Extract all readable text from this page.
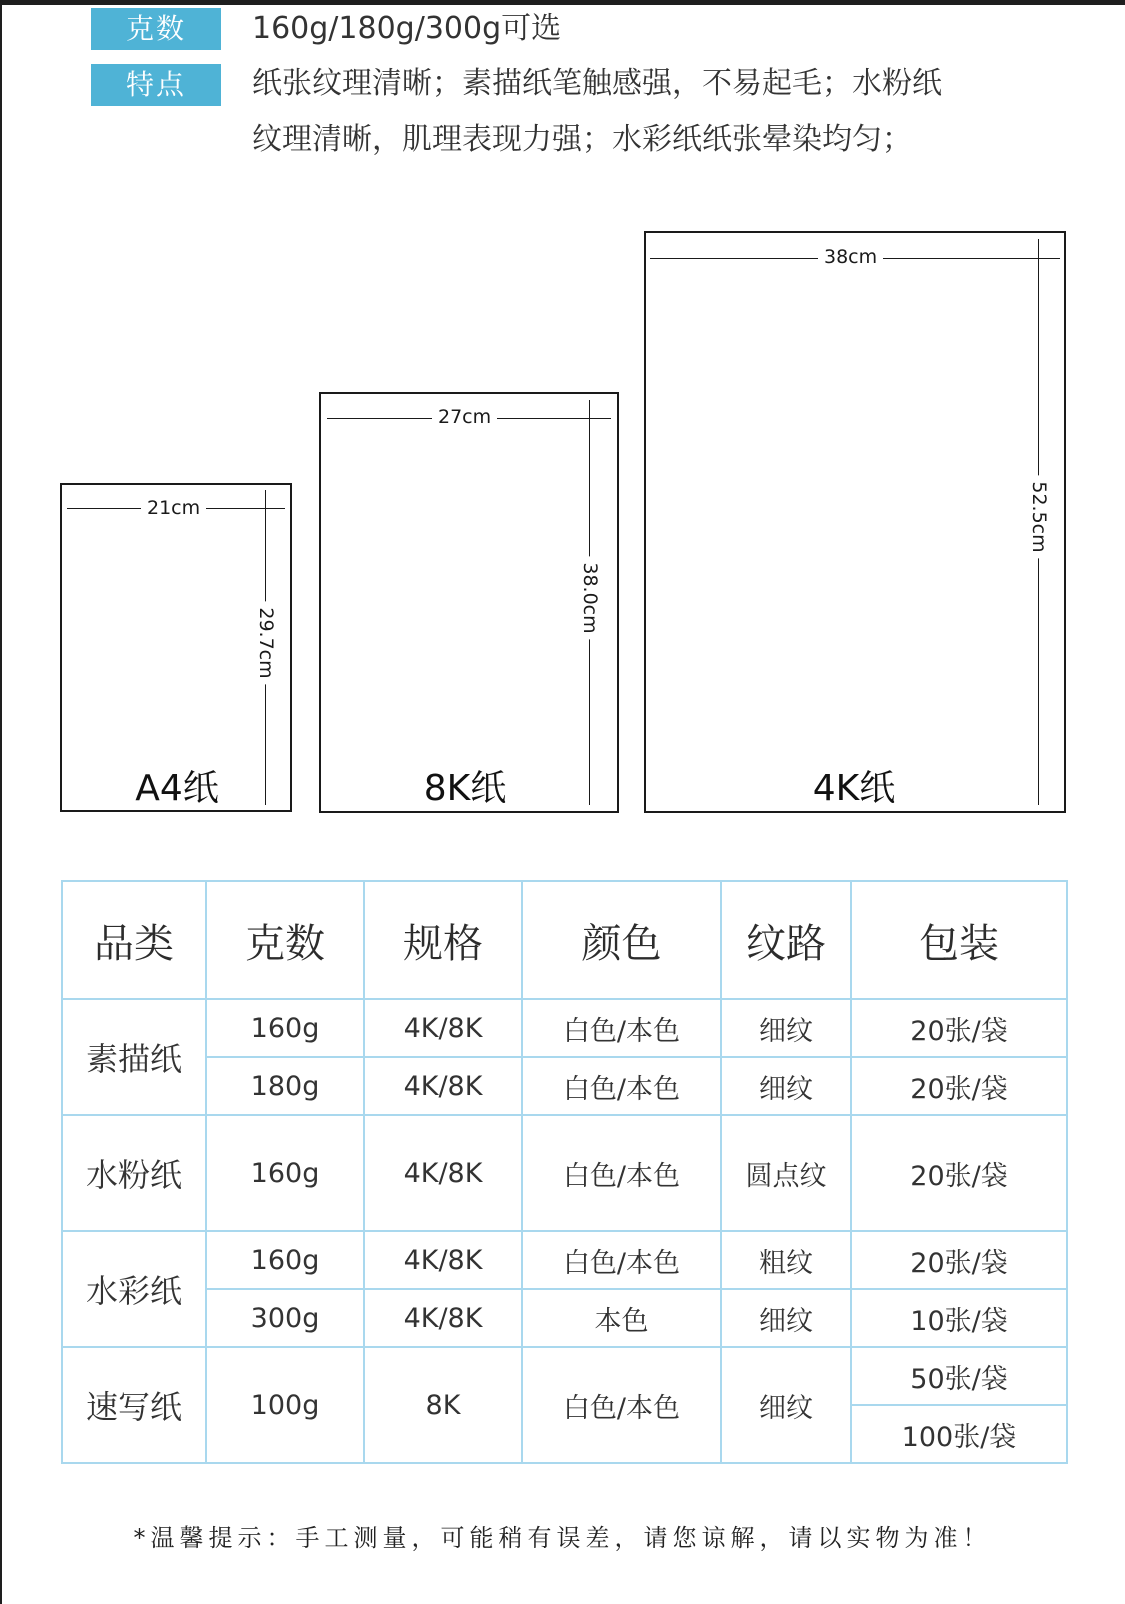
克数	160g/180g/300g可选
特点	纸张纹理清晰；素描纸笔触感强，不易起毛；水粉纸
纹理清晰，肌理表现力强；水彩纸纸张晕染均匀；
21cm
29.7cm
A4纸
27cm
38.0cm
8K纸
38cm
52.5cm
4K纸
品类	克数	规格	颜色	纹路	包装
素描纸	160g	4K/8K	白色/本色	细纹	20张/袋
	180g	4K/8K	白色/本色	细纹	20张/袋
水粉纸	160g	4K/8K	白色/本色	圆点纹	20张/袋
水彩纸	160g	4K/8K	白色/本色	粗纹	20张/袋
	300g	4K/8K	本色	细纹	10张/袋
速写纸	100g	8K	白色/本色	细纹	50张/袋
					100张/袋
*温馨提示：手工测量，可能稍有误差，请您谅解，请以实物为准！
